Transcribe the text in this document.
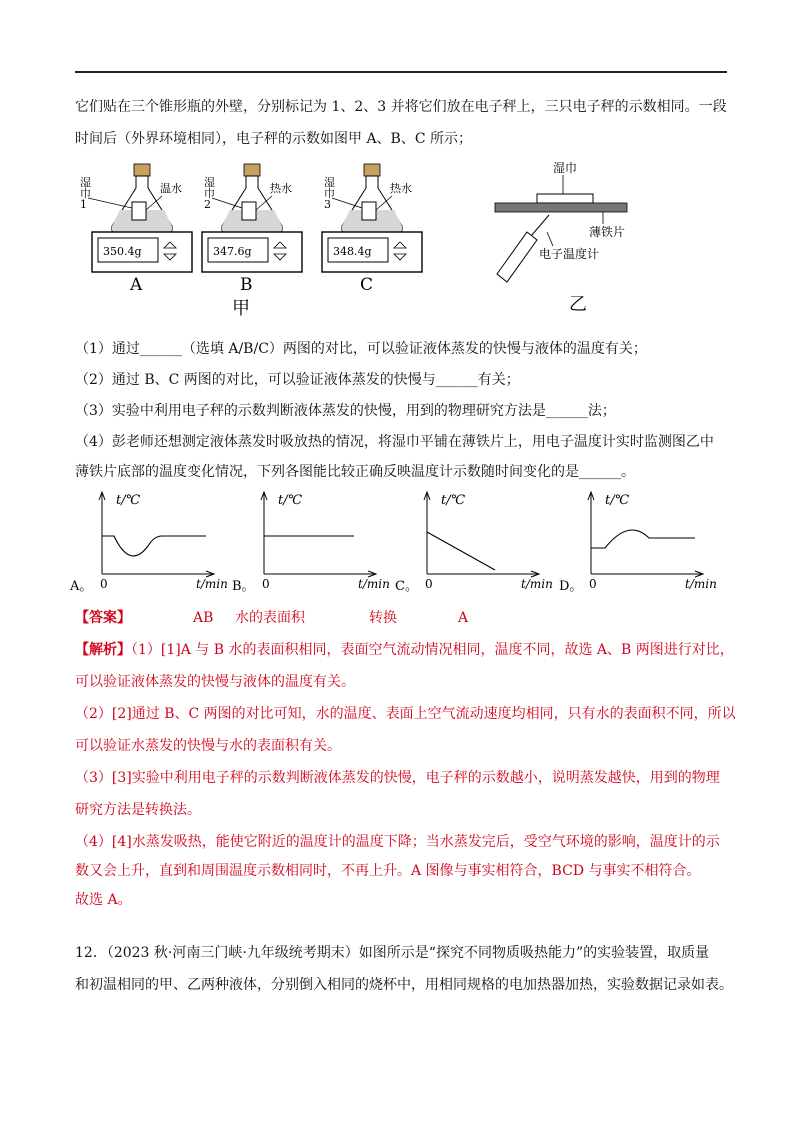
它们贴在三个锥形瓶的外壁，分别标记为 1、2、3 并将它们放在电子秤上，三只电子秤的示数相同。一段
时间后（外界环境相同），电子秤的示数如图甲 A、B、C 所示；
湿
巾
1
温水
350.4g
A
湿
巾
2
热水
347.6g
B
湿
巾
3
热水
348.4g
C
甲
湿巾
薄铁片
电子温度计
乙
（1）通过______（选填 A/B/C）两图的对比，可以验证液体蒸发的快慢与液体的温度有关；
（2）通过 B、C 两图的对比，可以验证液体蒸发的快慢与______有关；
（3）实验中利用电子秤的示数判断液体蒸发的快慢，用到的物理研究方法是______法；
（4）彭老师还想测定液体蒸发时吸放热的情况，将湿巾平铺在薄铁片上，用电子温度计实时监测图乙中
薄铁片底部的温度变化情况，下列各图能比较正确反映温度计示数随时间变化的是______。
t/℃
0	t/min
A。
t/℃
0	t/min
B。
t/℃
0	t/min
C。
t/℃
0	t/min
D。
【答案】	AB 水的表面积	转换	A
【解析】（1）[1]A 与 B 水的表面积相同，表面空气流动情况相同，温度不同，故选 A、B 两图进行对比，
可以验证液体蒸发的快慢与液体的温度有关。
（2）[2]通过 B、C 两图的对比可知，水的温度、表面上空气流动速度均相同，只有水的表面积不同，所以
可以验证水蒸发的快慢与水的表面积有关。
（3）[3]实验中利用电子秤的示数判断液体蒸发的快慢，电子秤的示数越小，说明蒸发越快，用到的物理
研究方法是转换法。
（4）[4]水蒸发吸热，能使它附近的温度计的温度下降；当水蒸发完后，受空气环境的影响，温度计的示
数又会上升，直到和周围温度示数相同时，不再上升。A 图像与事实相符合，BCD 与事实不相符合。
故选 A。
12．（2023 秋·河南三门峡·九年级统考期末）如图所示是“探究不同物质吸热能力”的实验装置，取质量
和初温相同的甲、乙两种液体，分别倒入相同的烧杯中，用相同规格的电加热器加热，实验数据记录如表。
